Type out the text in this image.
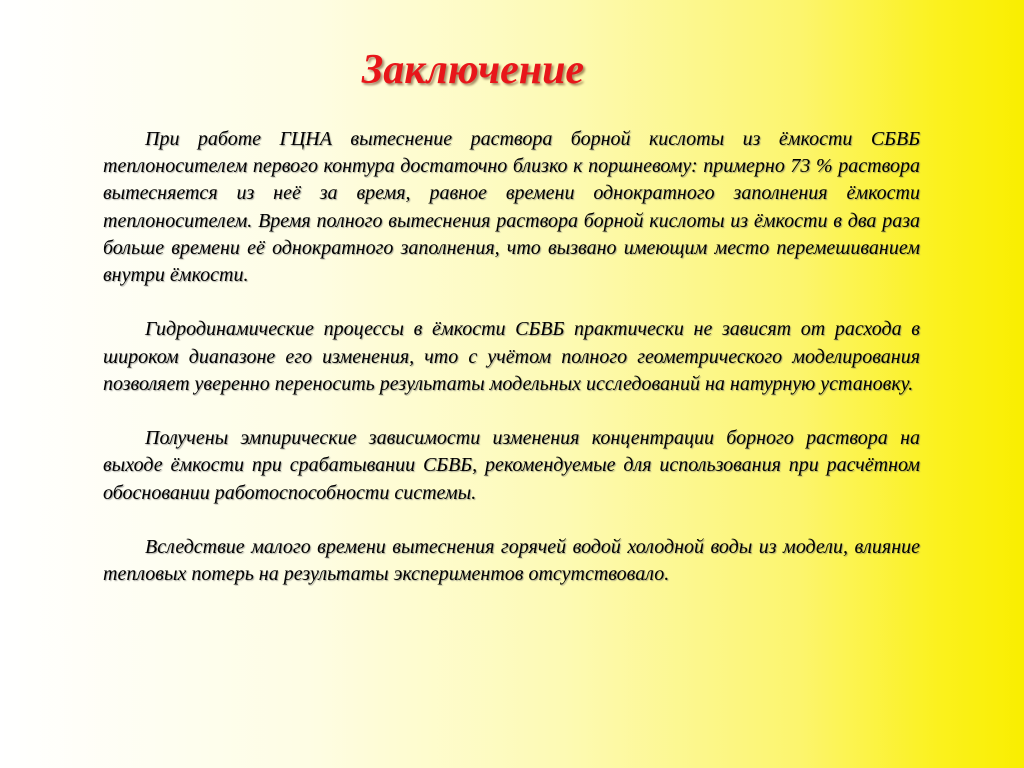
Заключение

При работе ГЦНА вытеснение раствора борной кислоты из ёмкости СБВБ теплоносителем первого контура достаточно близко к поршневому: примерно 73 % раствора вытесняется из неё за время, равное времени однократного заполнения ёмкости теплоносителем. Время полного вытеснения раствора борной кислоты из ёмкости в два раза больше времени её однократного заполнения, что вызвано имеющим место перемешиванием внутри ёмкости.

Гидродинамические процессы в ёмкости СБВБ практически не зависят от расхода в широком диапазоне его изменения, что с учётом полного геометрического моделирования позволяет уверенно переносить результаты модельных исследований на натурную установку.

Получены эмпирические зависимости изменения концентрации борного раствора на выходе ёмкости при срабатывании СБВБ, рекомендуемые для использования при расчётном обосновании работоспособности системы.

Вследствие малого времени вытеснения горячей водой холодной воды из модели, влияние тепловых потерь на результаты экспериментов отсутствовало.
